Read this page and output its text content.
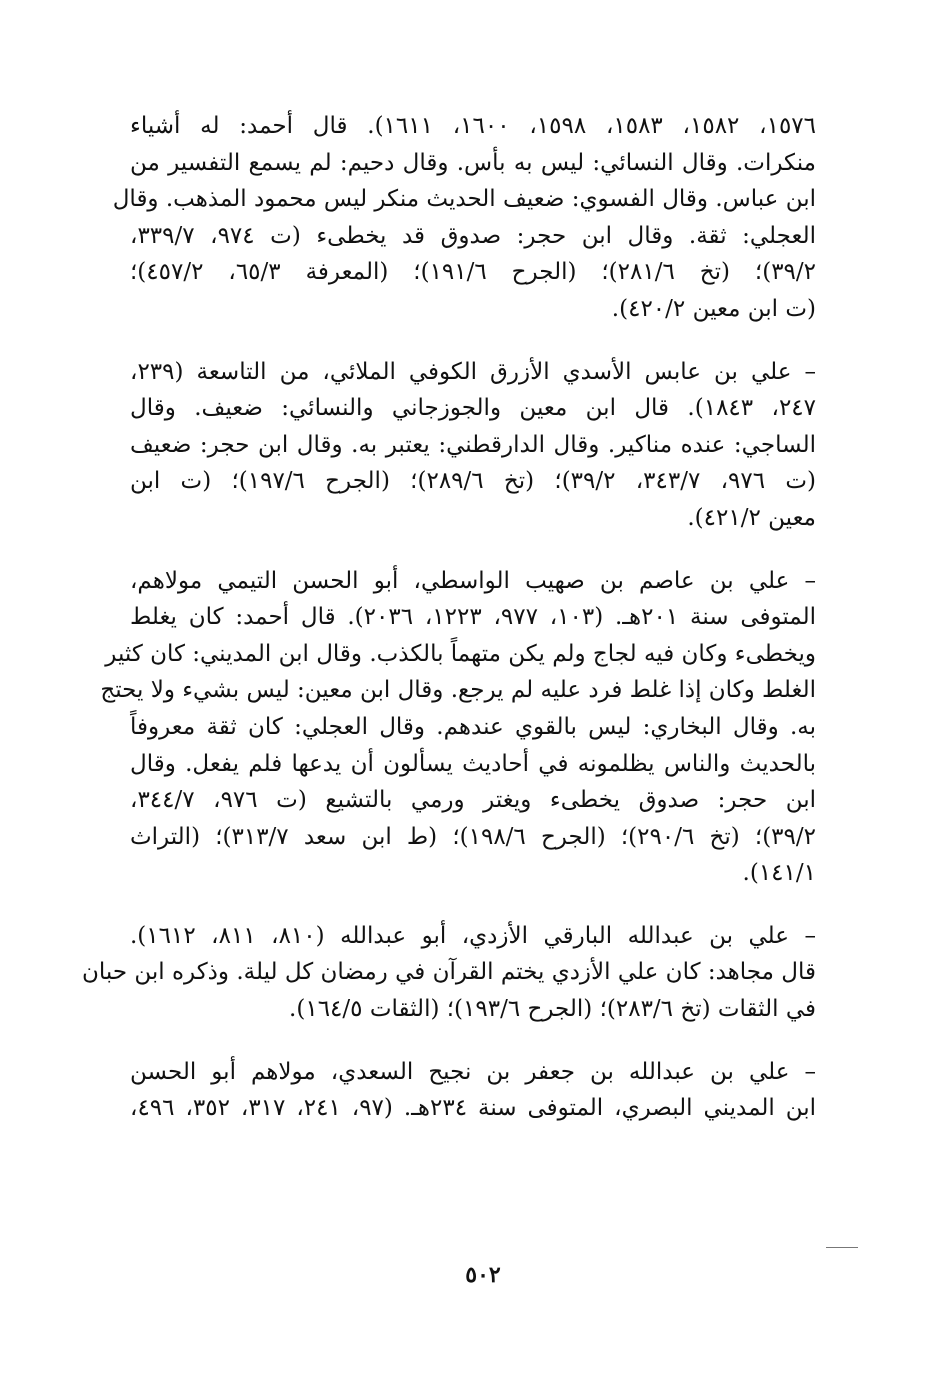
١٥٧٦، ١٥٨٢، ١٥٨٣، ١٥٩٨، ١٦٠٠، ١٦١١). قال أحمد: له أشياء
منكرات. وقال النسائي: ليس به بأس. وقال دحيم: لم يسمع التفسير من
ابن عباس. وقال الفسوي: ضعيف الحديث منكر ليس محمود المذهب. وقال
العجلي: ثقة. وقال ابن حجر: صدوق قد يخطىء (ت ٩٧٤، ٣٣٩/٧،
٣٩/٢)؛ (تخ ٢٨١/٦)؛ (الجرح ١٩١/٦)؛ (المعرفة ٦٥/٣، ٤٥٧/٢)؛
(ت ابن معين ٤٢٠/٢).
– علي بن عابس الأسدي الأزرق الكوفي الملائي، من التاسعة (٢٣٩،
٢٤٧، ١٨٤٣). قال ابن معين والجوزجاني والنسائي: ضعيف. وقال
الساجي: عنده مناكير. وقال الدارقطني: يعتبر به. وقال ابن حجر: ضعيف
(ت ٩٧٦، ٣٤٣/٧، ٣٩/٢)؛ (تخ ٢٨٩/٦)؛ (الجرح ١٩٧/٦)؛ (ت ابن
معين ٤٢١/٢).
– علي بن عاصم بن صهيب الواسطي، أبو الحسن التيمي مولاهم،
المتوفى سنة ٢٠١هـ. (١٠٣، ٩٧٧، ١٢٢٣، ٢٠٣٦). قال أحمد: كان يغلط
ويخطىء وكان فيه لجاج ولم يكن متهماً بالكذب. وقال ابن المديني: كان كثير
الغلط وكان إذا غلط فرد عليه لم يرجع. وقال ابن معين: ليس بشيء ولا يحتج
به. وقال البخاري: ليس بالقوي عندهم. وقال العجلي: كان ثقة معروفاً
بالحديث والناس يظلمونه في أحاديث يسألون أن يدعها فلم يفعل. وقال
ابن حجر: صدوق يخطىء ويغتر ورمي بالتشيع (ت ٩٧٦، ٣٤٤/٧،
٣٩/٢)؛ (تخ ٢٩٠/٦)؛ (الجرح ١٩٨/٦)؛ (ط ابن سعد ٣١٣/٧)؛ (التراث
١٤١/١).
– علي بن عبدالله البارقي الأزدي، أبو عبدالله (٨١٠، ٨١١، ١٦١٢).
قال مجاهد: كان علي الأزدي يختم القرآن في رمضان كل ليلة. وذكره ابن حبان
في الثقات (تخ ٢٨٣/٦)؛ (الجرح ١٩٣/٦)؛ (الثقات ١٦٤/٥).
– علي بن عبدالله بن جعفر بن نجيح السعدي، مولاهم أبو الحسن
ابن المديني البصري، المتوفى سنة ٢٣٤هـ. (٩٧، ٢٤١، ٣١٧، ٣٥٢، ٤٩٦،
٥٠٢
